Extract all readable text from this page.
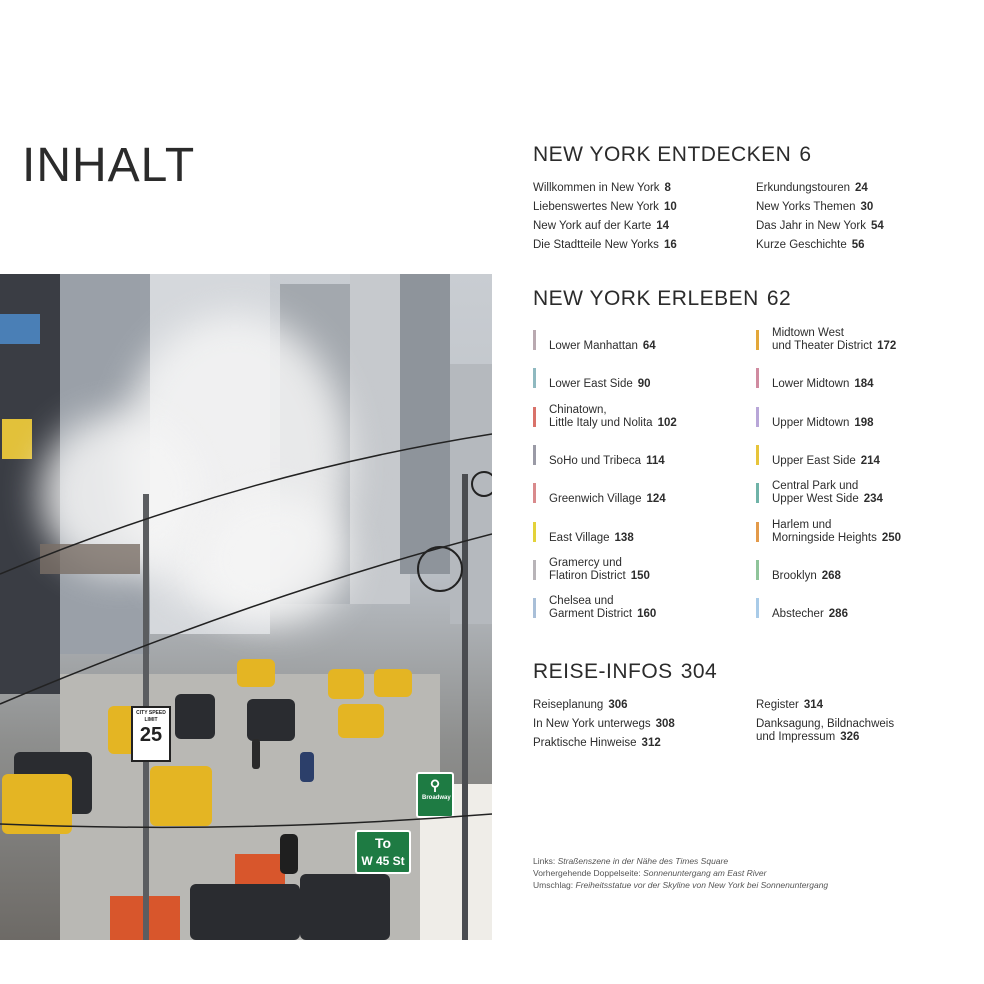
INHALT
CITY SPEED LIMIT
25
To
W 45 St
⚲
Broadway
NEW YORK ENTDECKEN 6
Willkommen in New York 8
Liebenswertes New York 10
New York auf der Karte 14
Die Stadtteile New Yorks 16
Erkundungstouren 24
New Yorks Themen 30
Das Jahr in New York 54
Kurze Geschichte 56
NEW YORK ERLEBEN 62
Lower Manhattan 64
Lower East Side 90
Chinatown,
Little Italy und Nolita 102
SoHo und Tribeca 114
Greenwich Village 124
East Village 138
Gramercy und
Flatiron District 150
Chelsea und
Garment District 160
Midtown West
und Theater District 172
Lower Midtown 184
Upper Midtown 198
Upper East Side 214
Central Park und
Upper West Side 234
Harlem und
Morningside Heights 250
Brooklyn 268
Abstecher 286
REISE-INFOS 304
Reiseplanung 306
In New York unterwegs 308
Praktische Hinweise 312
Register 314
Danksagung, Bildnachweis
und Impressum 326
Links: Straßenszene in der Nähe des Times Square
Vorhergehende Doppelseite: Sonnenuntergang am East River
Umschlag: Freiheitsstatue vor der Skyline von New York bei Sonnenuntergang
